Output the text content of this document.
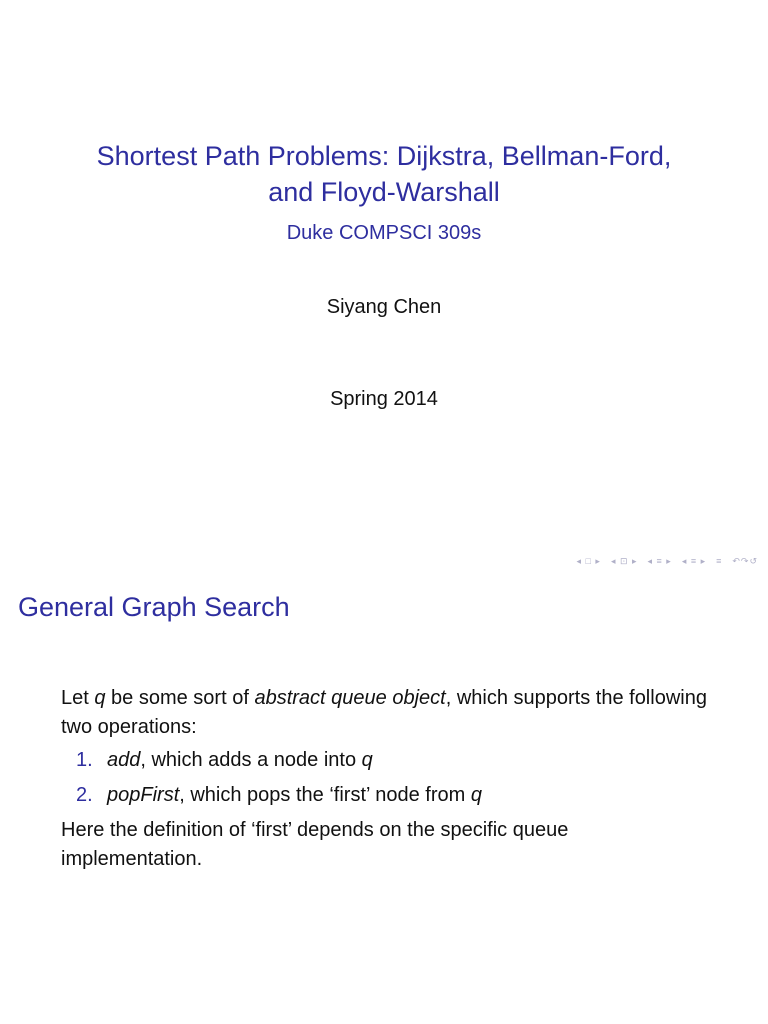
Shortest Path Problems: Dijkstra, Bellman-Ford,
and Floyd-Warshall
Duke COMPSCI 309s
Siyang Chen
Spring 2014
◂ □ ▸ ◂ ⊡ ▸ ◂ ≡ ▸ ◂ ≡ ▸ ≡ ↶↷↺
General Graph Search

Let q be some sort of abstract queue object, which supports the following two operations:

1. add, which adds a node into q
2. popFirst, which pops the ‘first’ node from q

Here the definition of ‘first’ depends on the specific queue implementation.
